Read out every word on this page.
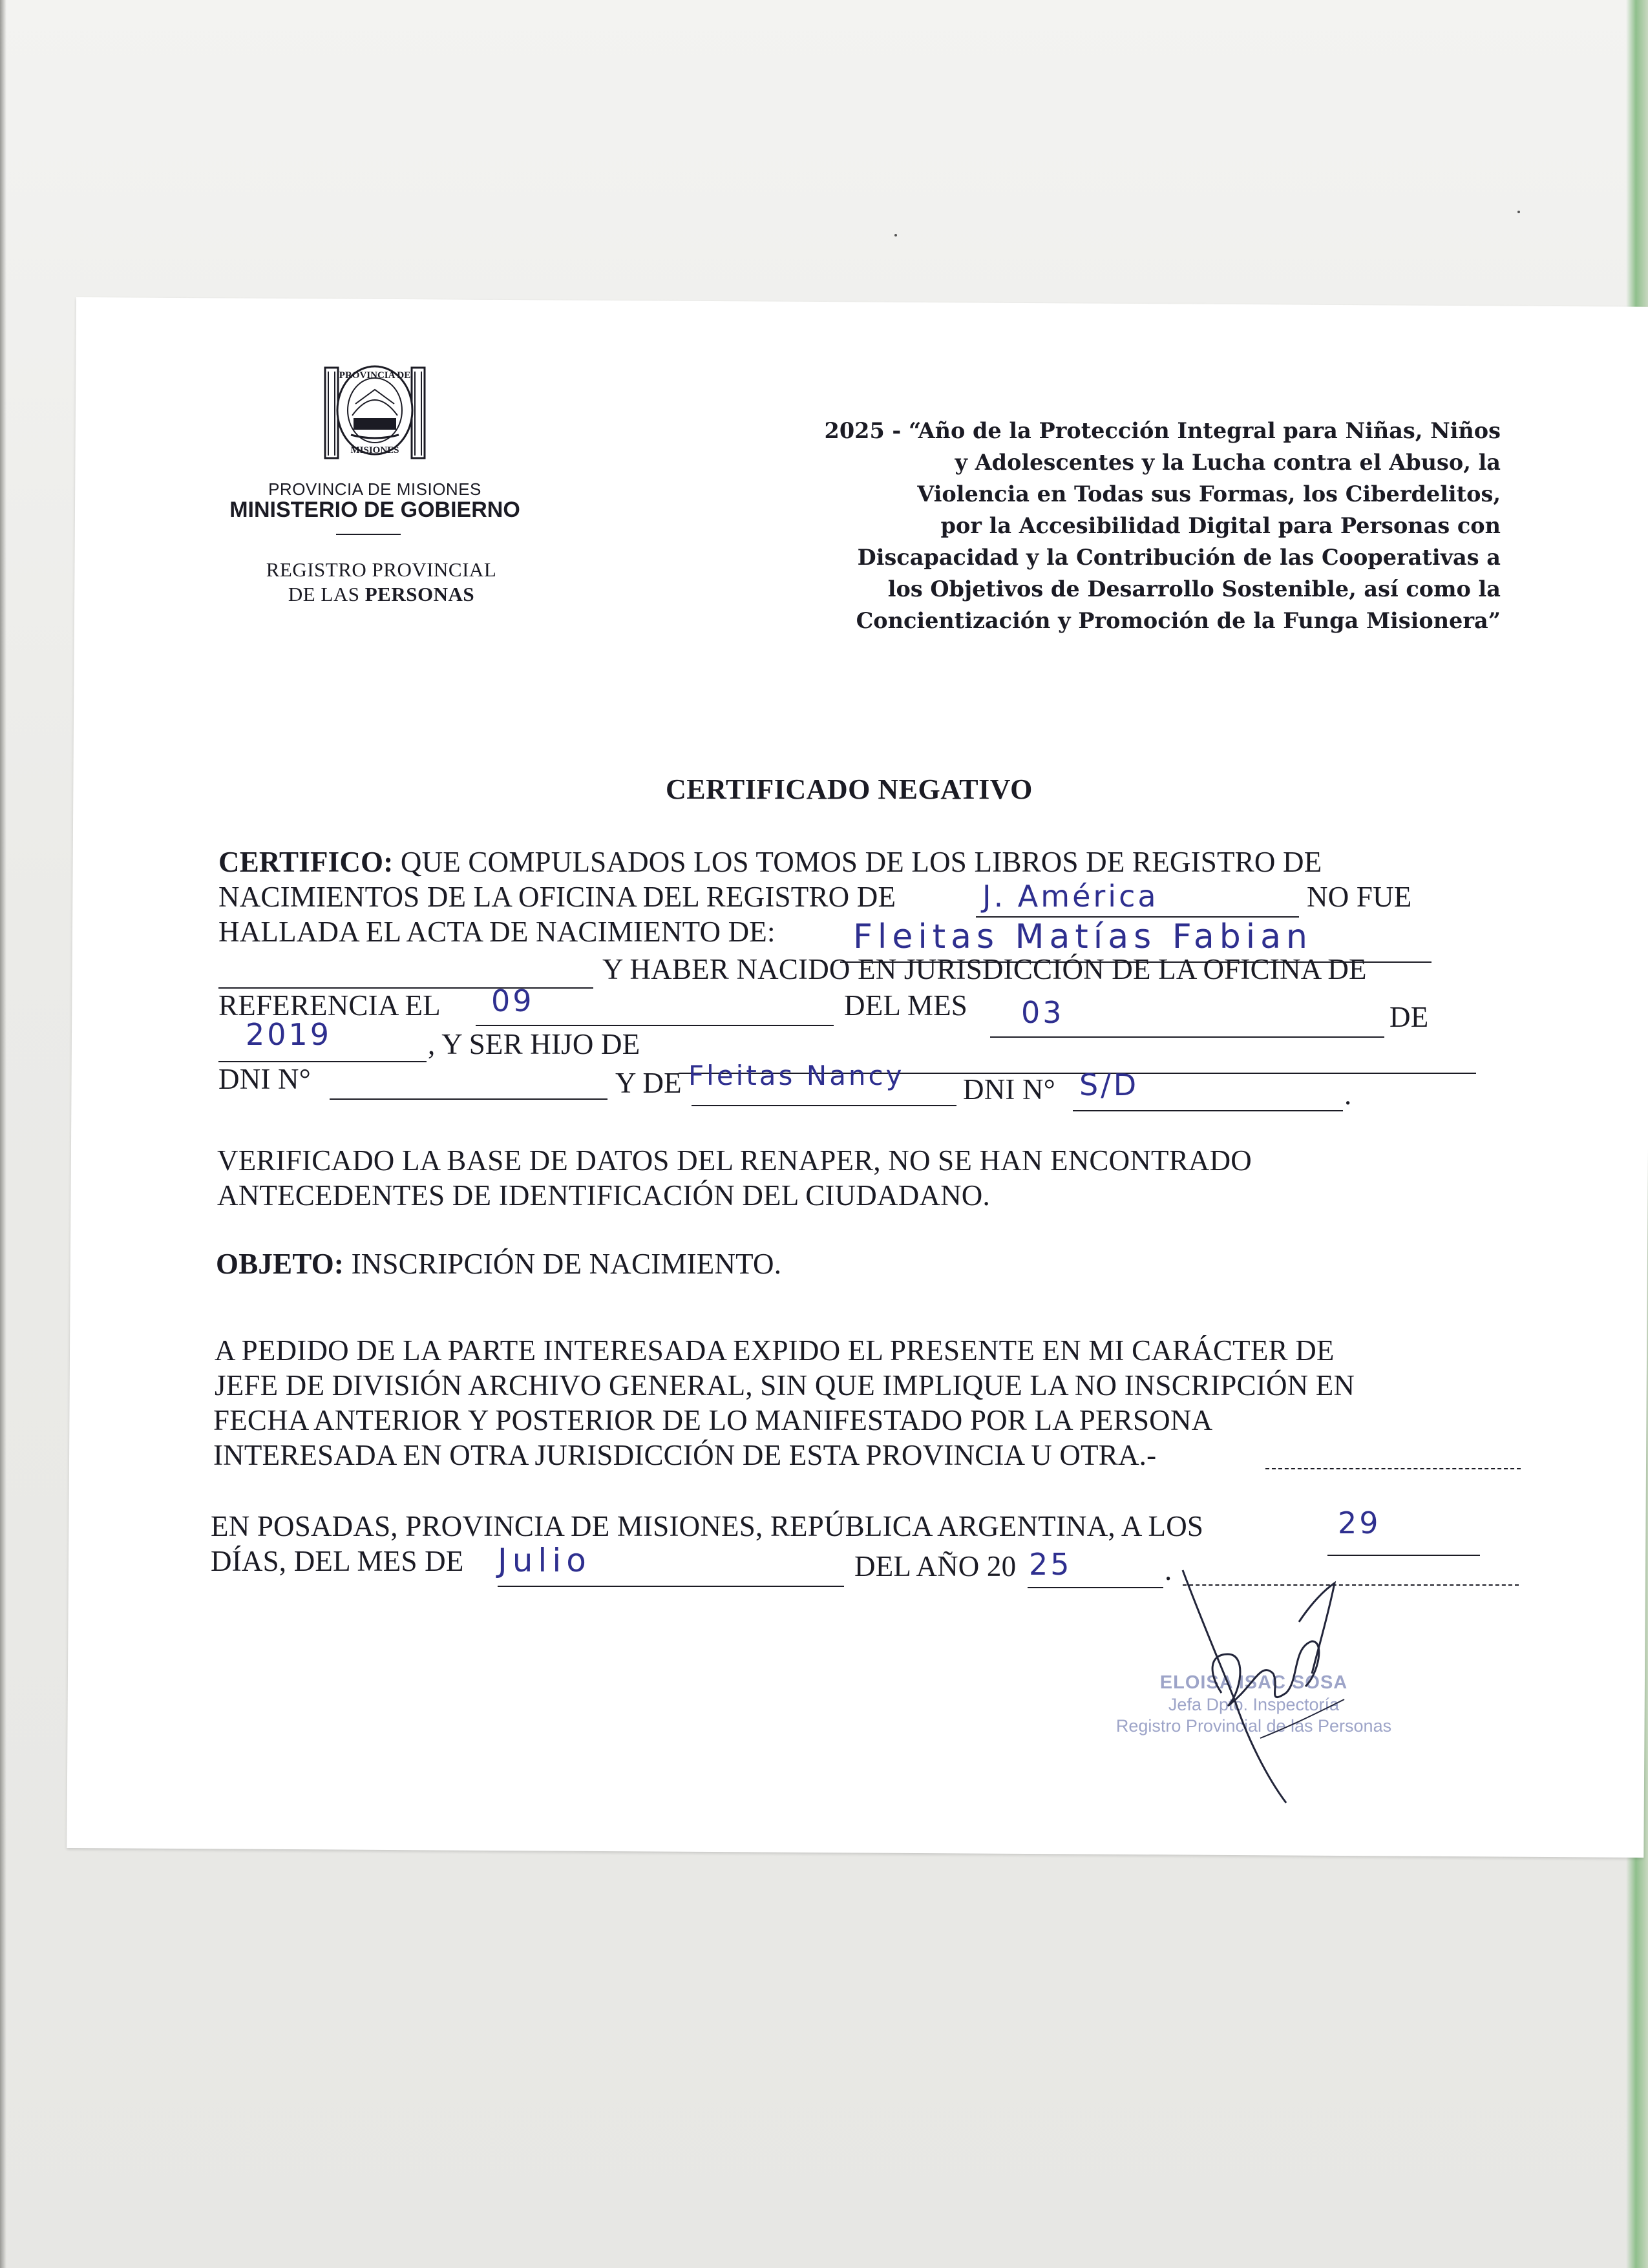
PROVINCIA DE
MISIONES
PROVINCIA DE MISIONES
MINISTERIO DE GOBIERNO
REGISTRO PROVINCIAL
DE LAS PERSONAS
2025 - “Año de la Protección Integral para Niñas, Niños
y Adolescentes y la Lucha contra el Abuso, la
Violencia en Todas sus Formas, los Ciberdelitos,
por la Accesibilidad Digital para Personas con
Discapacidad y la Contribución de las Cooperativas a
los Objetivos de Desarrollo Sostenible, así como la
Concientización y Promoción de la Funga Misionera”
CERTIFICADO NEGATIVO
CERTIFICO: QUE COMPULSADOS LOS TOMOS DE LOS LIBROS DE REGISTRO DE
NACIMIENTOS DE LA OFICINA DEL REGISTRO DE	J. América	NO FUE
HALLADA EL ACTA DE NACIMIENTO DE: Fleitas Matías Fabian
Y HABER NACIDO EN JURISDICCIÓN DE LA OFICINA DE
REFERENCIA EL 09	DEL MES 03	DE
2019	, Y SER HIJO DE
DNI N°	Y DE Fleitas Nancy DNI N° S/D	.
VERIFICADO LA BASE DE DATOS DEL RENAPER, NO SE HAN ENCONTRADO
ANTECEDENTES DE IDENTIFICACIÓN DEL CIUDADANO.
OBJETO: INSCRIPCIÓN DE NACIMIENTO.
A PEDIDO DE LA PARTE INTERESADA EXPIDO EL PRESENTE EN MI CARÁCTER DE
JEFE DE DIVISIÓN ARCHIVO GENERAL, SIN QUE IMPLIQUE LA NO INSCRIPCIÓN EN
FECHA ANTERIOR Y POSTERIOR DE LO MANIFESTADO POR LA PERSONA
INTERESADA EN OTRA JURISDICCIÓN DE ESTA PROVINCIA U OTRA.-
EN POSADAS, PROVINCIA DE MISIONES, REPÚBLICA ARGENTINA, A LOS	29
DÍAS, DEL MES DE Julio	DEL AÑO 20 25	.
ELOISA ISAC SOSA
Jefa Dpto. Inspectoría
Registro Provincial de las Personas
